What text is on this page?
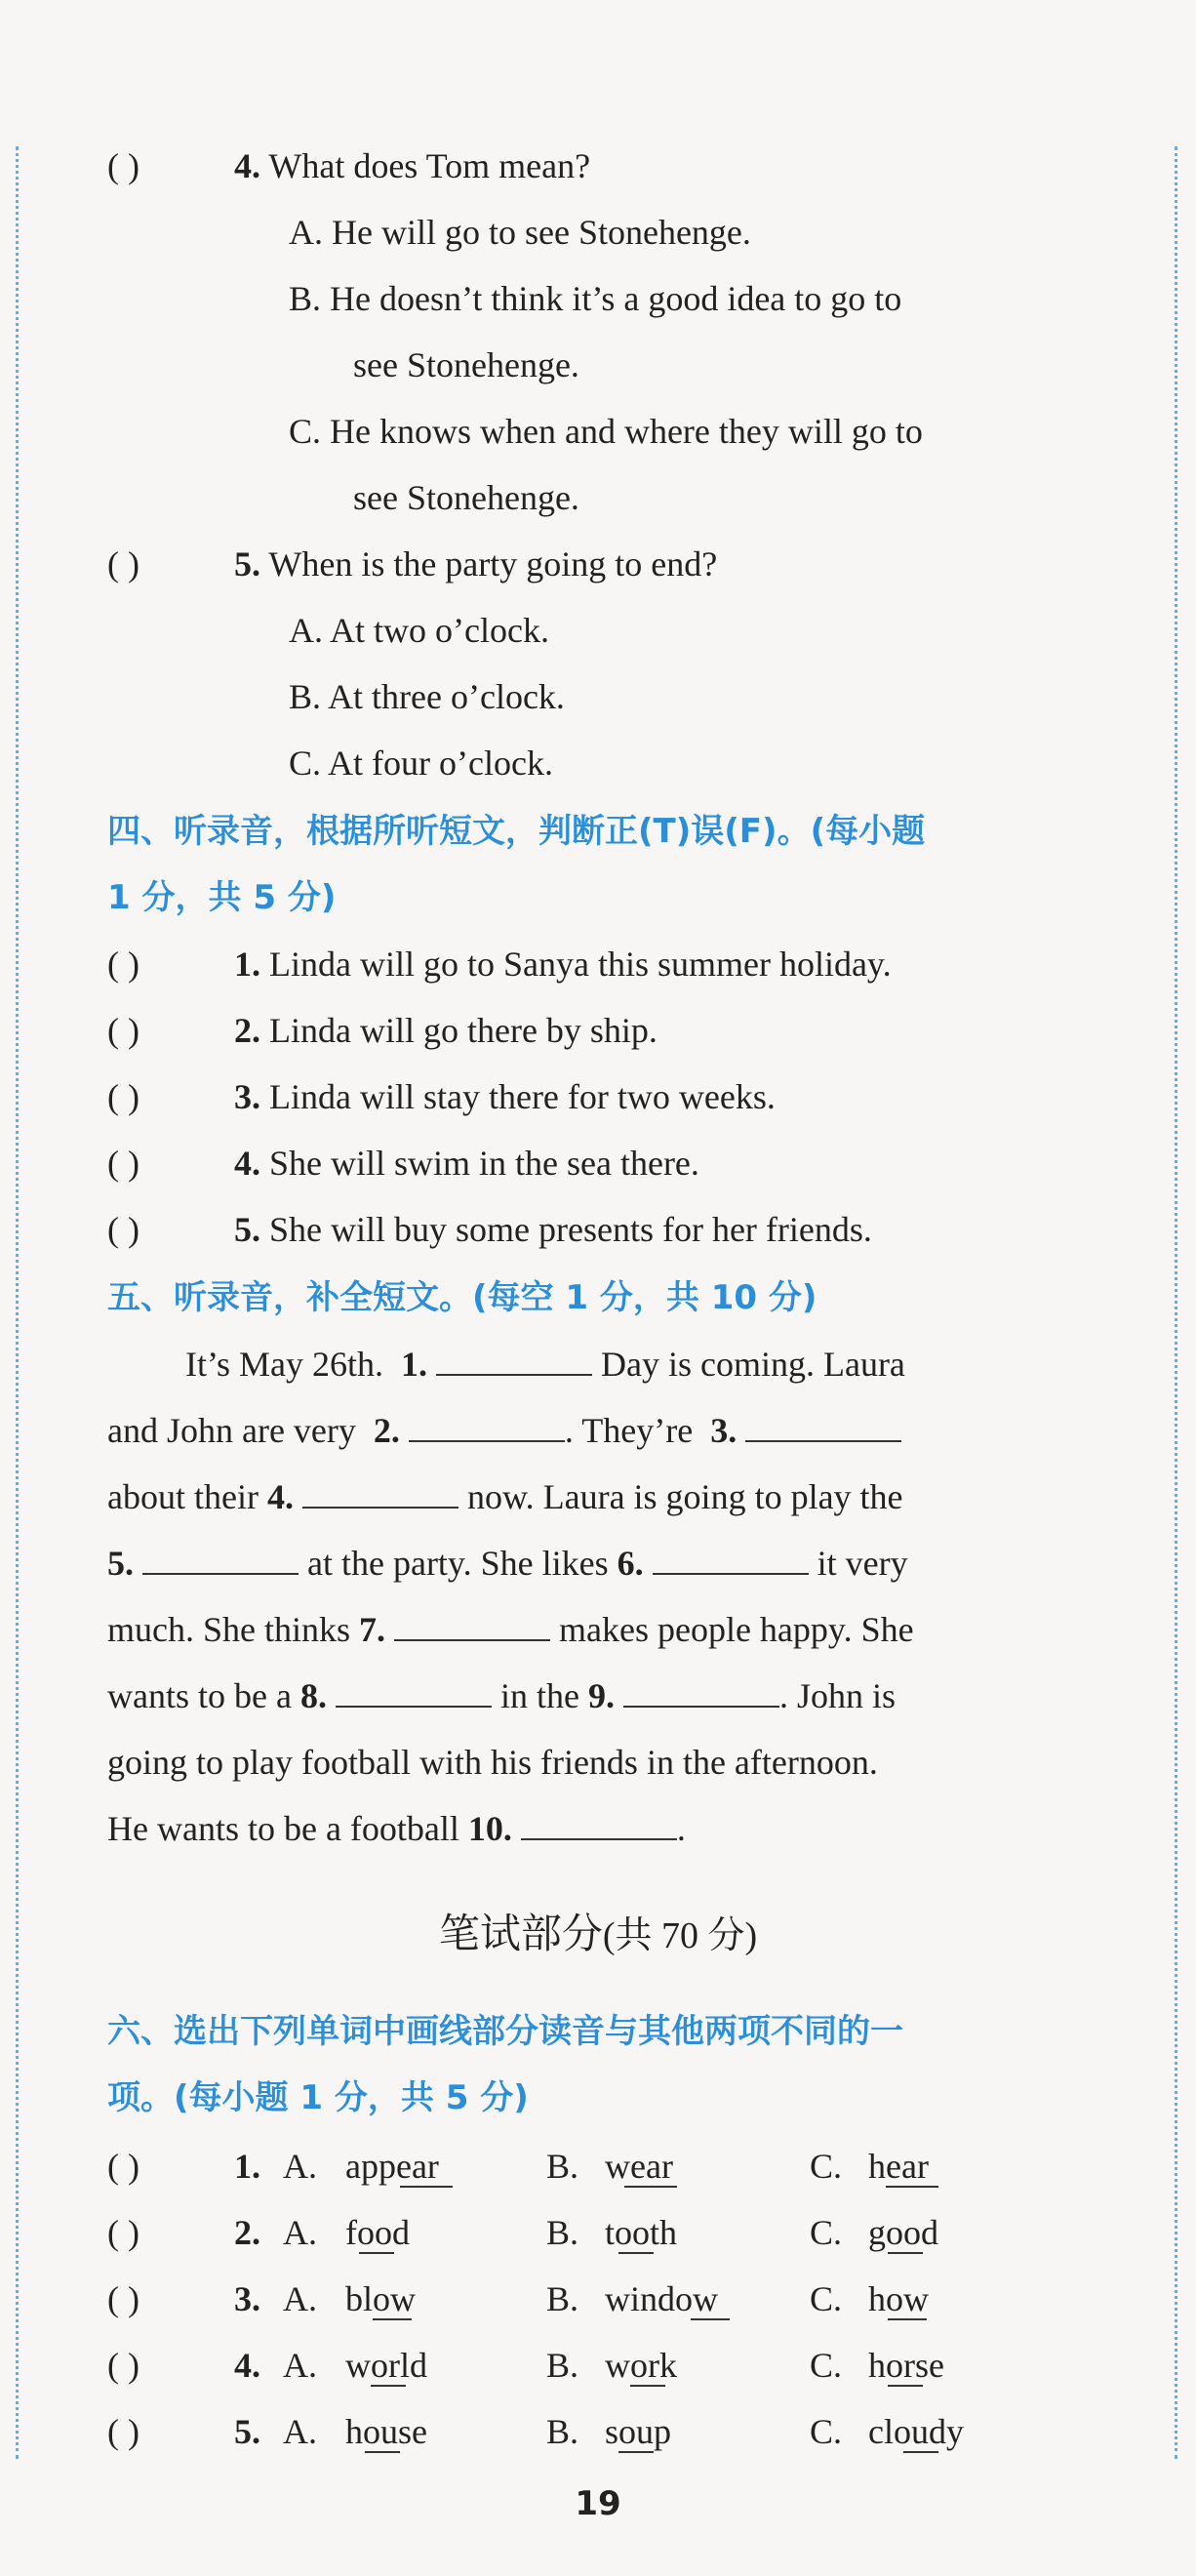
( )	4. What does Tom mean?
A. He will go to see Stonehenge.
B. He doesn’t think it’s a good idea to go to
see Stonehenge.
C. He knows when and where they will go to
see Stonehenge.
( )	5. When is the party going to end?
A. At two o’clock.
B. At three o’clock.
C. At four o’clock.
四、听录音，根据所听短文，判断正(T)误(F)。(每小题
1 分，共 5 分)
( )	1. Linda will go to Sanya this summer holiday.
( )	2. Linda will go there by ship.
( )	3. Linda will stay there for two weeks.
( )	4. She will swim in the sea there.
( )	5. She will buy some presents for her friends.
五、听录音，补全短文。(每空 1 分，共 10 分)
It’s May 26th. 1.	Day is coming. Laura
and John are very 2.	. They’re 3.
about their 4.	now. Laura is going to play the
5.	at the party. She likes 6.	it very
much. She thinks 7.	makes people happy. She
wants to be a 8.	in the 9.	. John is
going to play football with his friends in the afternoon.
He wants to be a football 10.	.
笔试部分(共 70 分)
六、选出下列单词中画线部分读音与其他两项不同的一
项。(每小题 1 分，共 5 分)
( )	1. A. appear	B. wear	C. hear
( )	2. A. food	B. tooth	C. good
( )	3. A. blow	B. window	C. how
( )	4. A. world	B. work	C. horse
( )	5. A. house	B. soup	C. cloudy
19
